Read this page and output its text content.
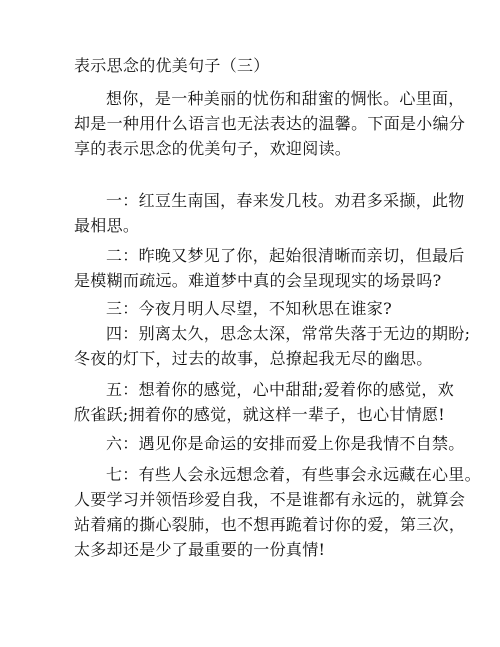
表示思念的优美句子（三）

想你，是一种美丽的忧伤和甜蜜的惆怅。心里面，
却是一种用什么语言也无法表达的温馨。下面是小编分
享的表示思念的优美句子，欢迎阅读。

一：红豆生南国，春来发几枝。劝君多采撷，此物
最相思。

二：昨晚又梦见了你，起始很清晰而亲切，但最后
是模糊而疏远。难道梦中真的会呈现现实的场景吗?

三：今夜月明人尽望，不知秋思在谁家?

四：别离太久，思念太深，常常失落于无边的期盼;
冬夜的灯下，过去的故事，总撩起我无尽的幽思。

五：想着你的感觉，心中甜甜;爱着你的感觉，欢
欣雀跃;拥着你的感觉，就这样一辈子，也心甘情愿!

六：遇见你是命运的安排而爱上你是我情不自禁。

七：有些人会永远想念着，有些事会永远藏在心里。
人要学习并领悟珍爱自我，不是谁都有永远的，就算会
站着痛的撕心裂肺，也不想再跪着讨你的爱，第三次，
太多却还是少了最重要的一份真情!
